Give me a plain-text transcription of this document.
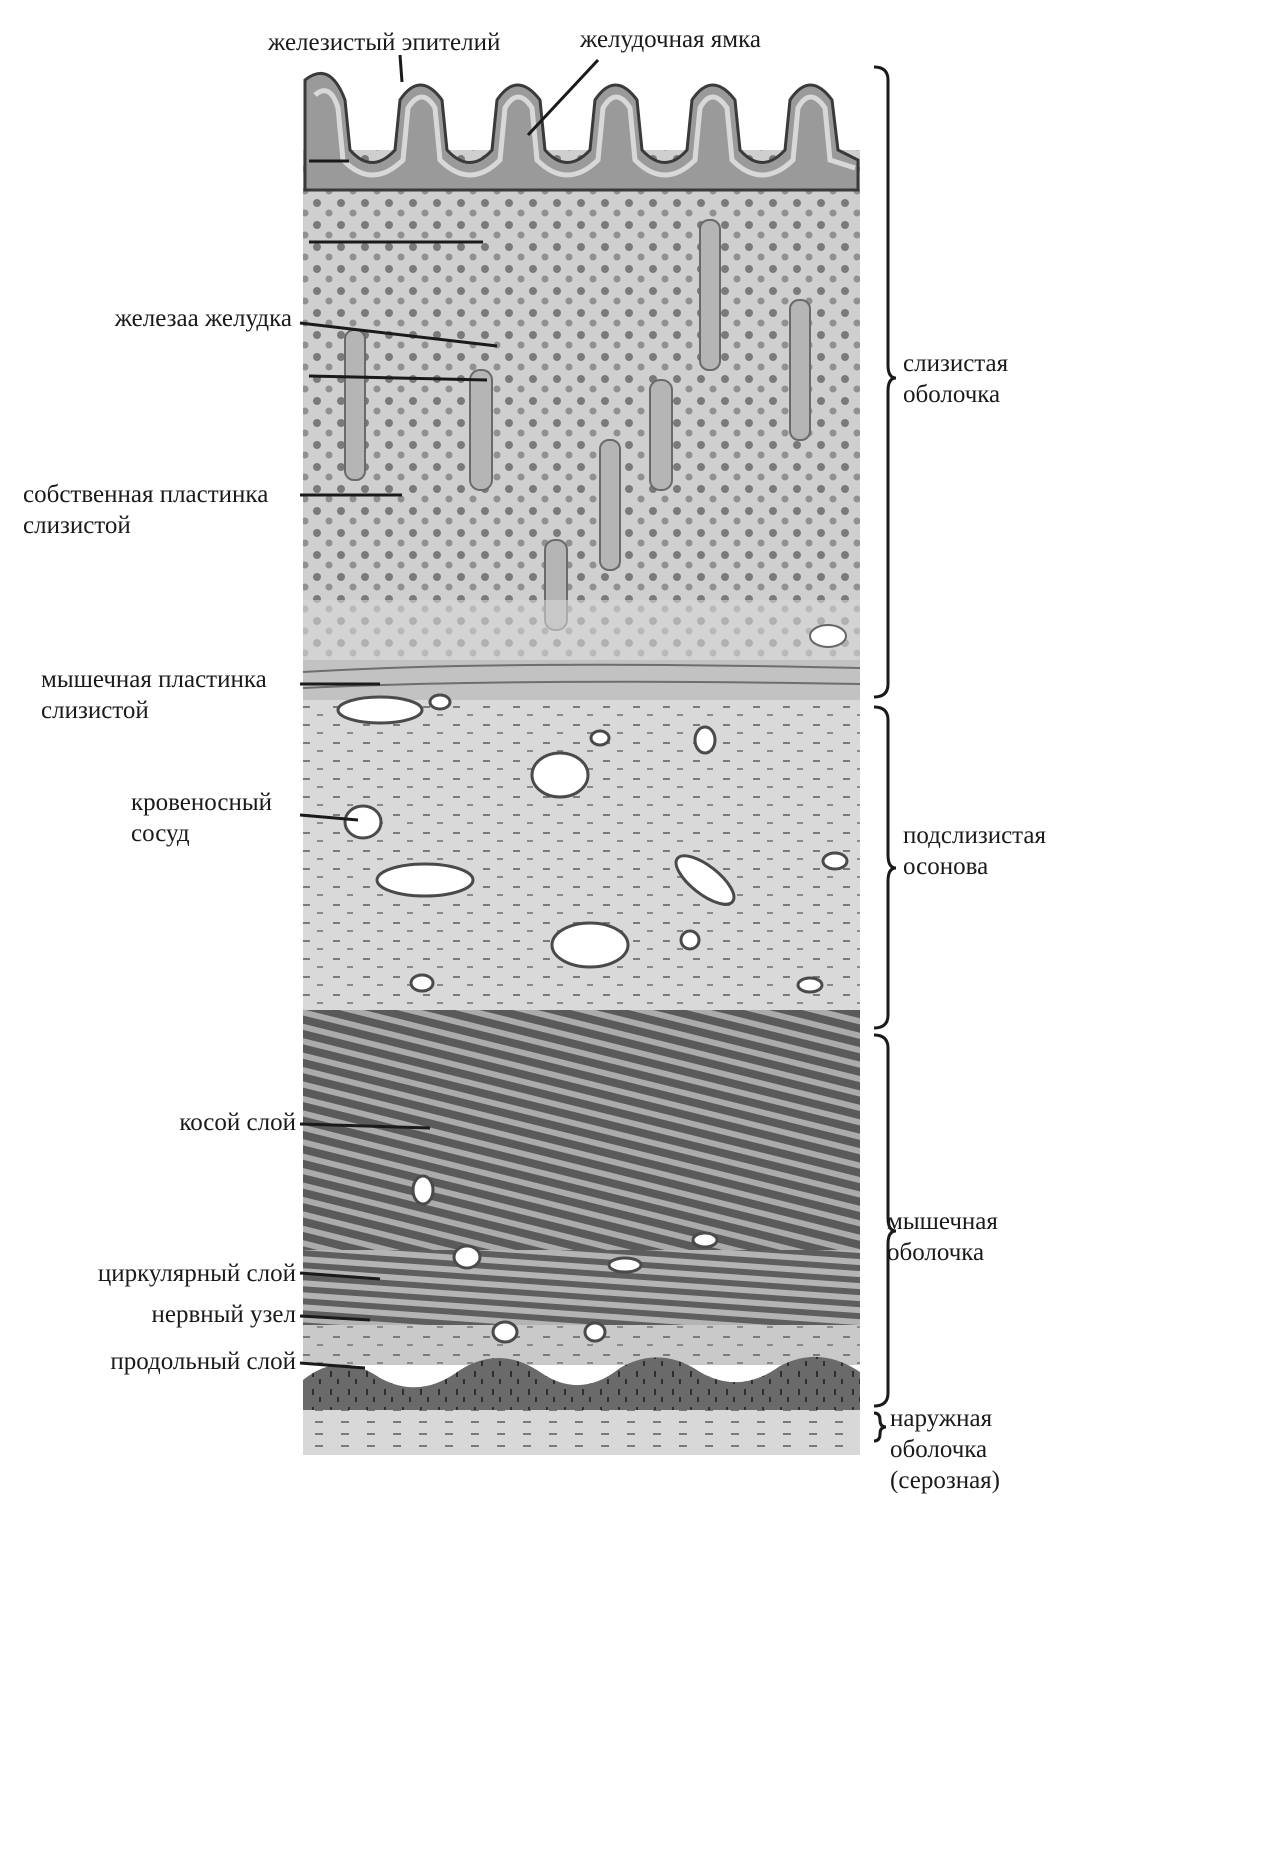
железистый эпителий	желудочная ямка
железаа желудка
собственная пластинка
слизистой
мышечная пластинка
слизистой
кровеносный
сосуд
косой слой
циркулярный слой
нервный узел
продольный слой
слизистая
оболочка
подслизистая
осонова
мышечная
оболочка
наружная
оболочка
(серозная)
